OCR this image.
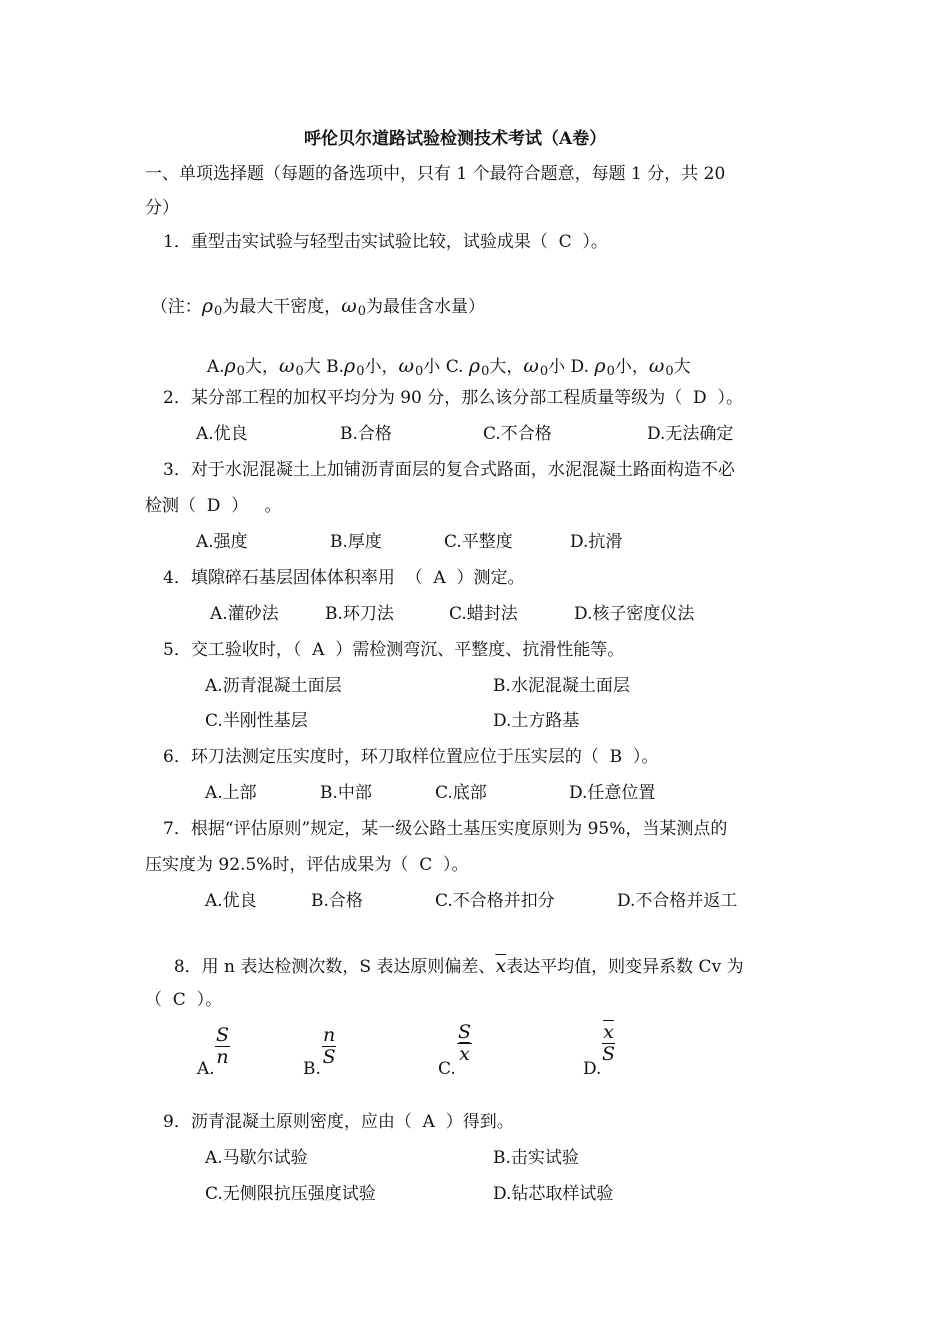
呼伦贝尔道路试验检测技术考试（A卷）
一、单项选择题（每题的备选项中，只有 1 个最符合题意，每题 1 分，共 20
分）
1．重型击实试验与轻型击实试验比较，试验成果（  C  ）。

（注：ρ0为最大干密度，ω0为最佳含水量）

A.ρ0大，ω0大 B.ρ0小，ω0小 C. ρ0大，ω0小 D. ρ0小，ω0大

2．某分部工程的加权平均分为 90 分，那么该分部工程质量等级为（  D  ）。
A.优良	B.合格	C.不合格	D.无法确定
3．对于水泥混凝土上加铺沥青面层的复合式路面，水泥混凝土路面构造不必
检测（  D  ）   。
A.强度	B.厚度	C.平整度	D.抗滑
4．填隙碎石基层固体体积率用  （  A  ）测定。
A.灌砂法	B.环刀法	C.蜡封法	D.核子密度仪法
5．交工验收时，（  A  ）需检测弯沉、平整度、抗滑性能等。
A.沥青混凝土面层	B.水泥混凝土面层
C.半刚性基层	D.土方路基
6．环刀法测定压实度时，环刀取样位置应位于压实层的（  B  ）。
A.上部	B.中部	C.底部	D.任意位置
7．根据“评估原则”规定，某一级公路土基压实度原则为 95%，当某测点的
压实度为 92.5%时，评估成果为（  C  ）。
A.优良	B.合格	C.不合格并扣分	D.不合格并返工

8．用 n 表达检测次数，S 表达原则偏差、$\overline{x}$表达平均值，则变异系数 Cv 为

（  C  ）。
A.
$\frac{S}{n}$
B.
$\frac{n}{S}$
C.
$\frac{S}{x}$
D.
$\frac{\overline{x}}{S}$
9．沥青混凝土原则密度，应由（  A  ）得到。
A.马歇尔试验	B.击实试验
C.无侧限抗压强度试验	D.钻芯取样试验
